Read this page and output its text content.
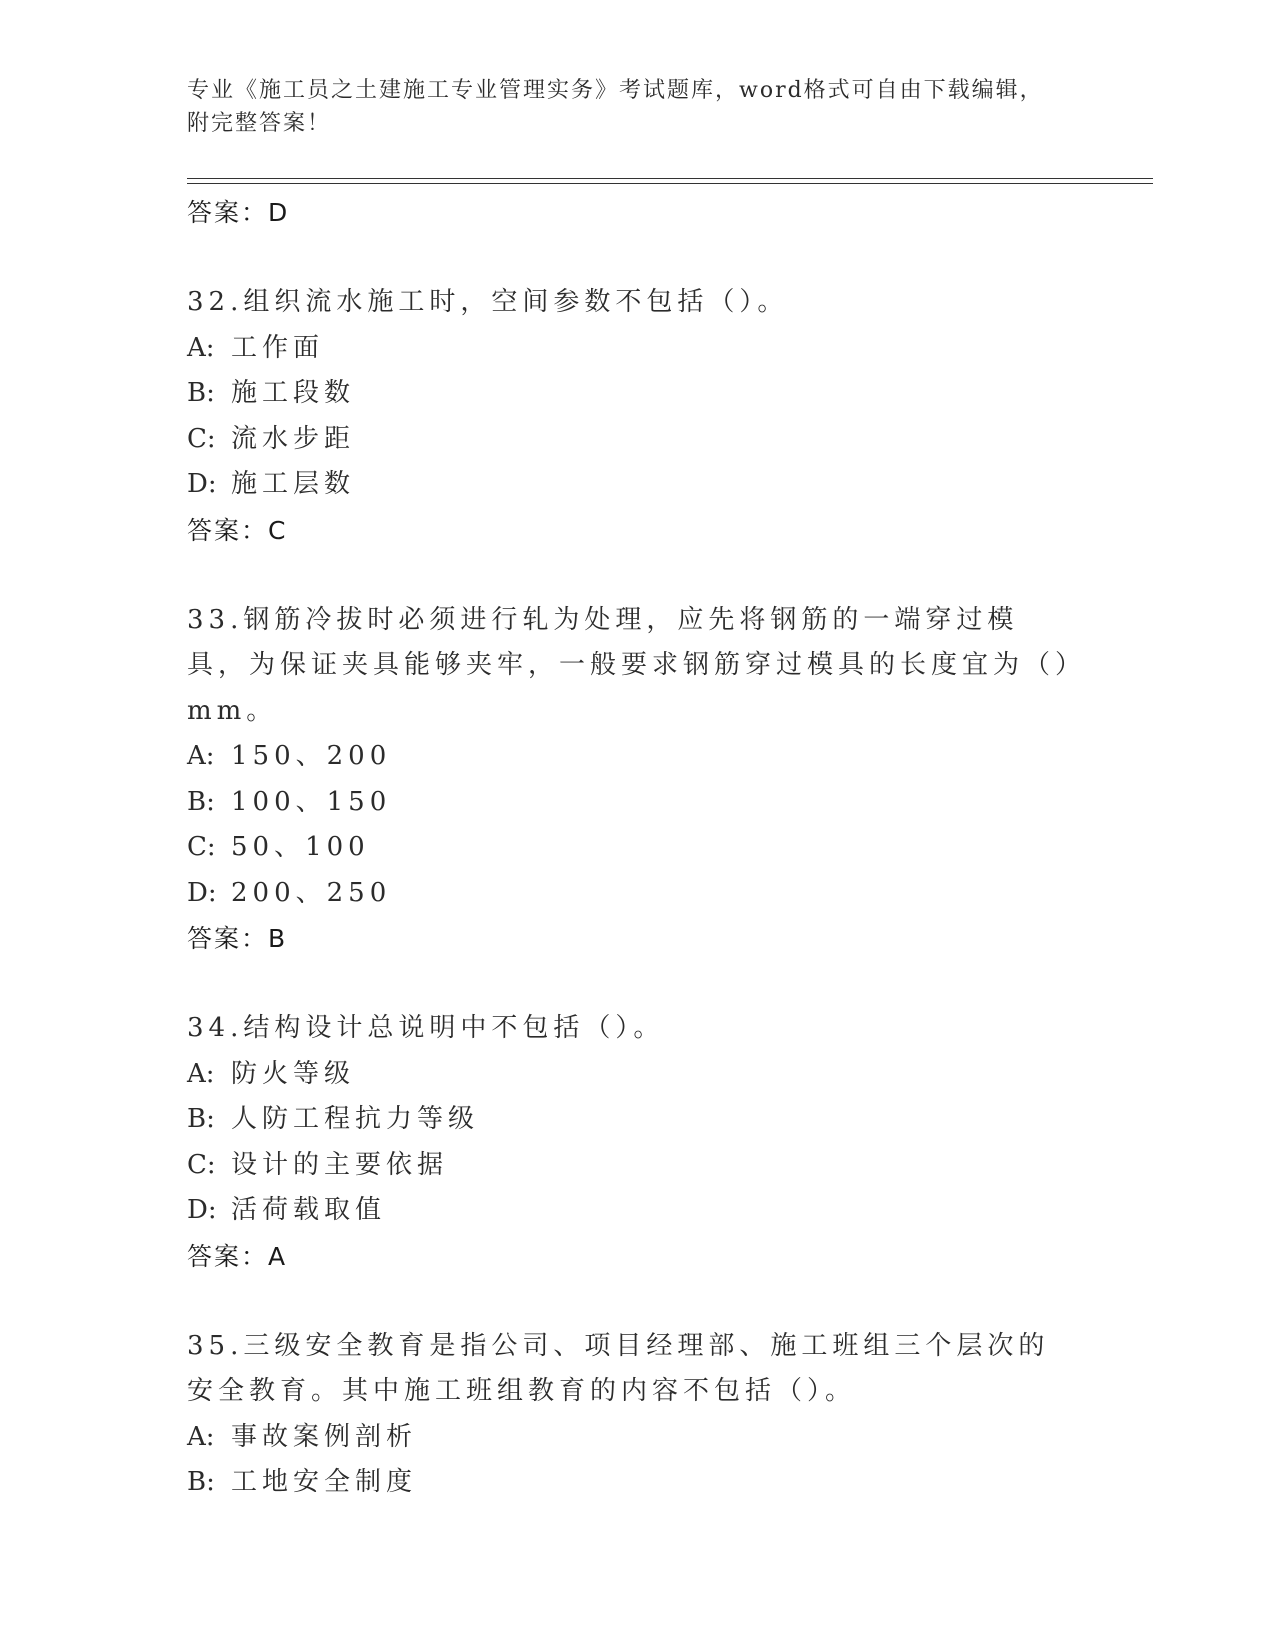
专业《施工员之土建施工专业管理实务》考试题库，word格式可自由下载编辑，附完整答案！
答案：D
32.组织流水施工时，空间参数不包括（）。
A: 工作面
B: 施工段数
C: 流水步距
D: 施工层数
答案：C
33.钢筋冷拔时必须进行轧为处理，应先将钢筋的一端穿过模具，为保证夹具能够夹牢，一般要求钢筋穿过模具的长度宜为（）mm。
A: 150、200
B: 100、150
C: 50、100
D: 200、250
答案：B
34.结构设计总说明中不包括（）。
A: 防火等级
B: 人防工程抗力等级
C: 设计的主要依据
D: 活荷载取值
答案：A
35.三级安全教育是指公司、项目经理部、施工班组三个层次的安全教育。其中施工班组教育的内容不包括（）。
A: 事故案例剖析
B: 工地安全制度
